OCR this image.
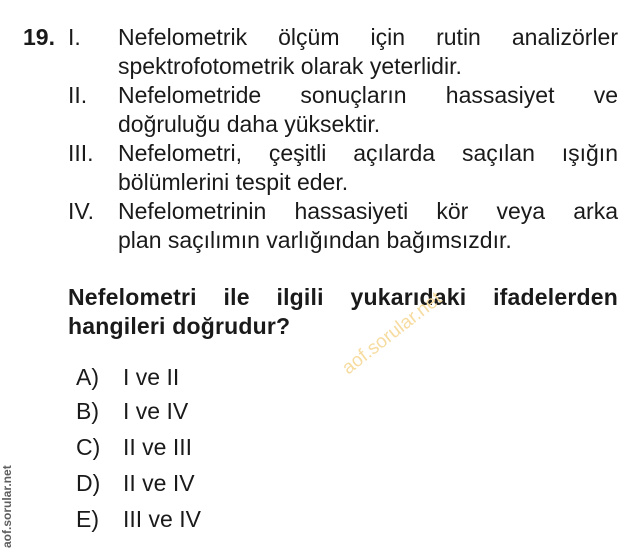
19. I. Nefelometrik ölçüm için rutin analizörler
spektrofotometrik olarak yeterlidir.
II. Nefelometride sonuçların hassasiyet ve
doğruluğu daha yüksektir.
III. Nefelometri, çeşitli açılarda saçılan ışığın
bölümlerini tespit eder.
IV. Nefelometrinin hassasiyeti kör veya arka
plan saçılımın varlığından bağımsızdır.
Nefelometri ile ilgili yukarıdaki ifadelerden
hangileri doğrudur?
A) I ve II
B) I ve IV
C) II ve III
D) II ve IV
E) III ve IV
aof.sorular.net
aof.sorular.net
